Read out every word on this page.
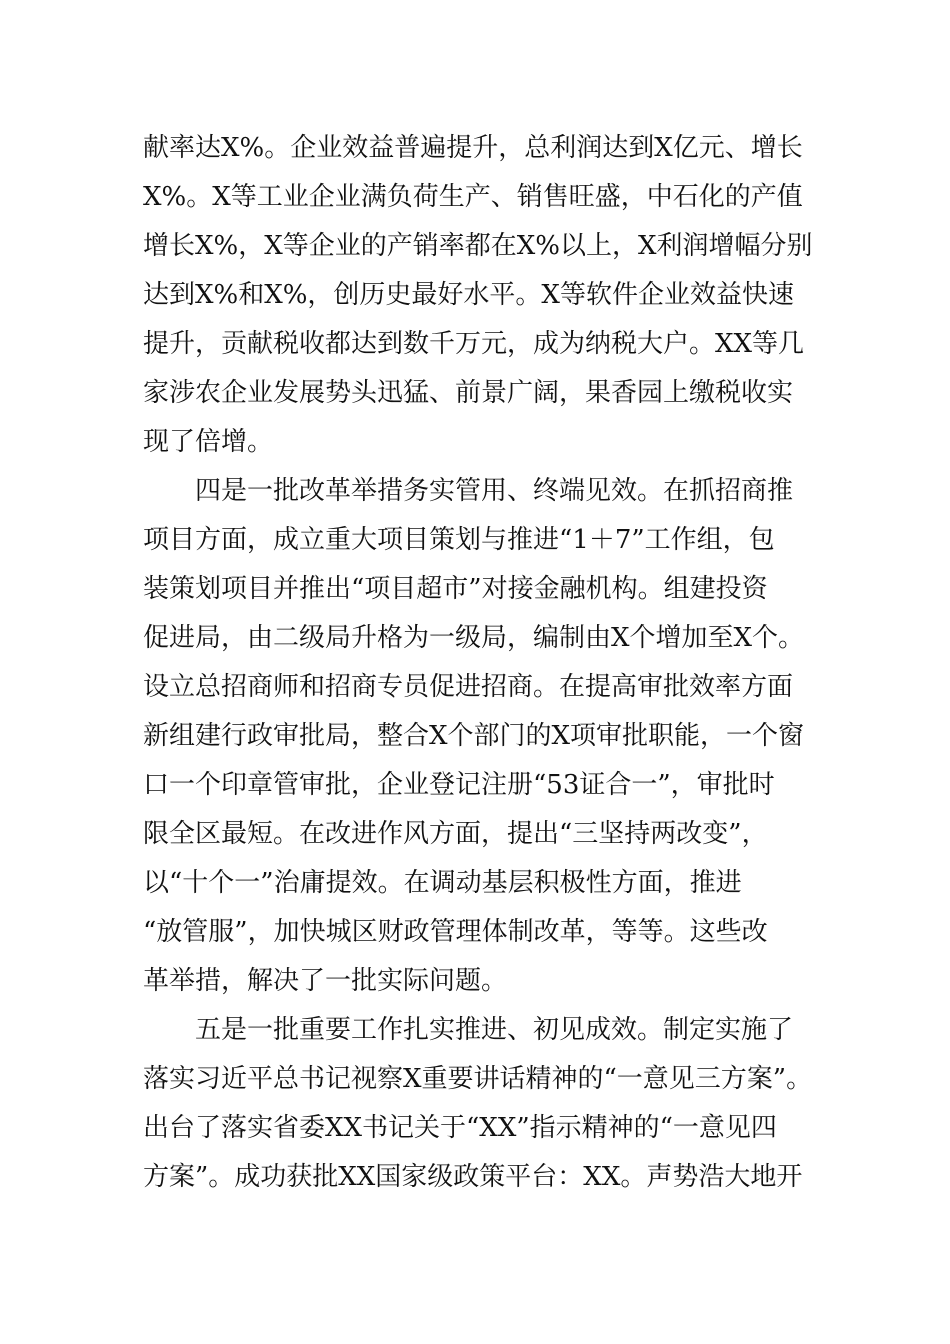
献率达X%。企业效益普遍提升，总利润达到X亿元、增长
X%。X等工业企业满负荷生产、销售旺盛，中石化的产值
增长X%，X等企业的产销率都在X%以上，X利润增幅分别
达到X%和X%，创历史最好水平。X等软件企业效益快速
提升，贡献税收都达到数千万元，成为纳税大户。XX等几
家涉农企业发展势头迅猛、前景广阔，果香园上缴税收实
现了倍增。
四是一批改革举措务实管用、终端见效。在抓招商推
项目方面，成立重大项目策划与推进“1＋7”工作组，包
装策划项目并推出“项目超市”对接金融机构。组建投资
促进局，由二级局升格为一级局，编制由X个增加至X个。
设立总招商师和招商专员促进招商。在提高审批效率方面
新组建行政审批局，整合X个部门的X项审批职能，一个窗
口一个印章管审批，企业登记注册“53证合一”，审批时
限全区最短。在改进作风方面，提出“三坚持两改变”，
以“十个一”治庸提效。在调动基层积极性方面，推进
“放管服”，加快城区财政管理体制改革，等等。这些改
革举措，解决了一批实际问题。
五是一批重要工作扎实推进、初见成效。制定实施了
落实习近平总书记视察X重要讲话精神的“一意见三方案”。
出台了落实省委XX书记关于“XX”指示精神的“一意见四
方案”。成功获批XX国家级政策平台：XX。声势浩大地开
